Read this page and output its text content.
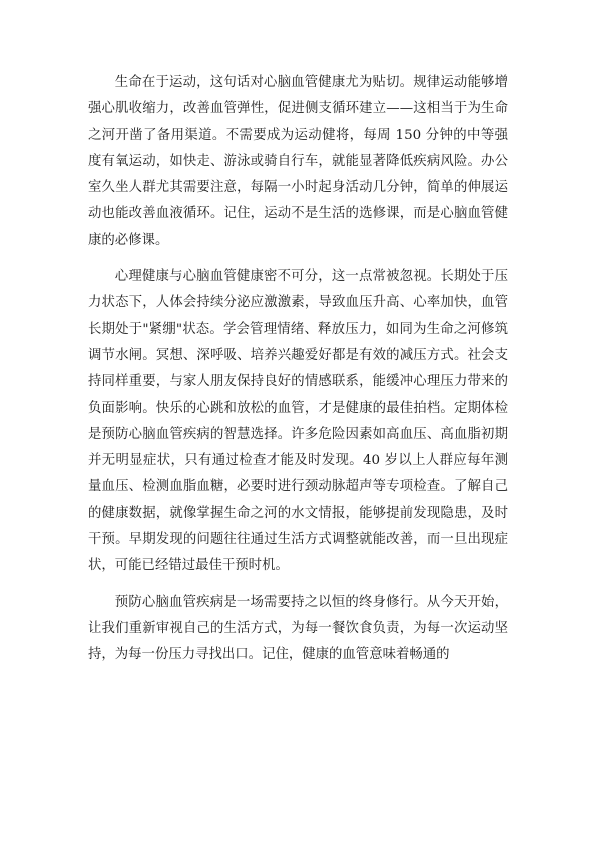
生命在于运动，这句话对心脑血管健康尤为贴切。规律运动能够增强心肌收缩力，改善血管弹性，促进侧支循环建立——这相当于为生命之河开凿了备用渠道。不需要成为运动健将，每周 150 分钟的中等强度有氧运动，如快走、游泳或骑自行车，就能显著降低疾病风险。办公室久坐人群尤其需要注意，每隔一小时起身活动几分钟，简单的伸展运动也能改善血液循环。记住，运动不是生活的选修课，而是心脑血管健康的必修课。

心理健康与心脑血管健康密不可分，这一点常被忽视。长期处于压力状态下，人体会持续分泌应激激素，导致血压升高、心率加快，血管长期处于"紧绷"状态。学会管理情绪、释放压力，如同为生命之河修筑调节水闸。冥想、深呼吸、培养兴趣爱好都是有效的减压方式。社会支持同样重要，与家人朋友保持良好的情感联系，能缓冲心理压力带来的负面影响。快乐的心跳和放松的血管，才是健康的最佳拍档。定期体检是预防心脑血管疾病的智慧选择。许多危险因素如高血压、高血脂初期并无明显症状，只有通过检查才能及时发现。40 岁以上人群应每年测量血压、检测血脂血糖，必要时进行颈动脉超声等专项检查。了解自己的健康数据，就像掌握生命之河的水文情报，能够提前发现隐患，及时干预。早期发现的问题往往通过生活方式调整就能改善，而一旦出现症状，可能已经错过最佳干预时机。

预防心脑血管疾病是一场需要持之以恒的终身修行。从今天开始，让我们重新审视自己的生活方式，为每一餐饮食负责，为每一次运动坚持，为每一份压力寻找出口。记住，健康的血管意味着畅通的
